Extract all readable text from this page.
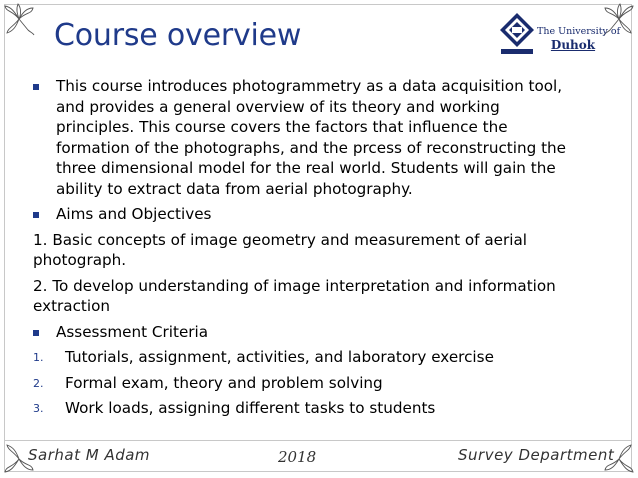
Course overview	The University of
Duhok
This course introduces photogrammetry as a data acquisition tool, and provides a general overview of its theory and working principles. This course covers the factors that influence the formation of the photographs, and the prcess of reconstructing the three dimensional model for the real world. Students will gain the ability to extract data from aerial photography.
Aims and Objectives
1. Basic concepts of image geometry and measurement of aerial photograph.
2. To develop understanding of image interpretation and information extraction
Assessment Criteria
1. Tutorials, assignment, activities, and laboratory exercise
2. Formal exam, theory and problem solving
3. Work loads, assigning different tasks to students
Sarhat M Adam	2018	Survey Department
